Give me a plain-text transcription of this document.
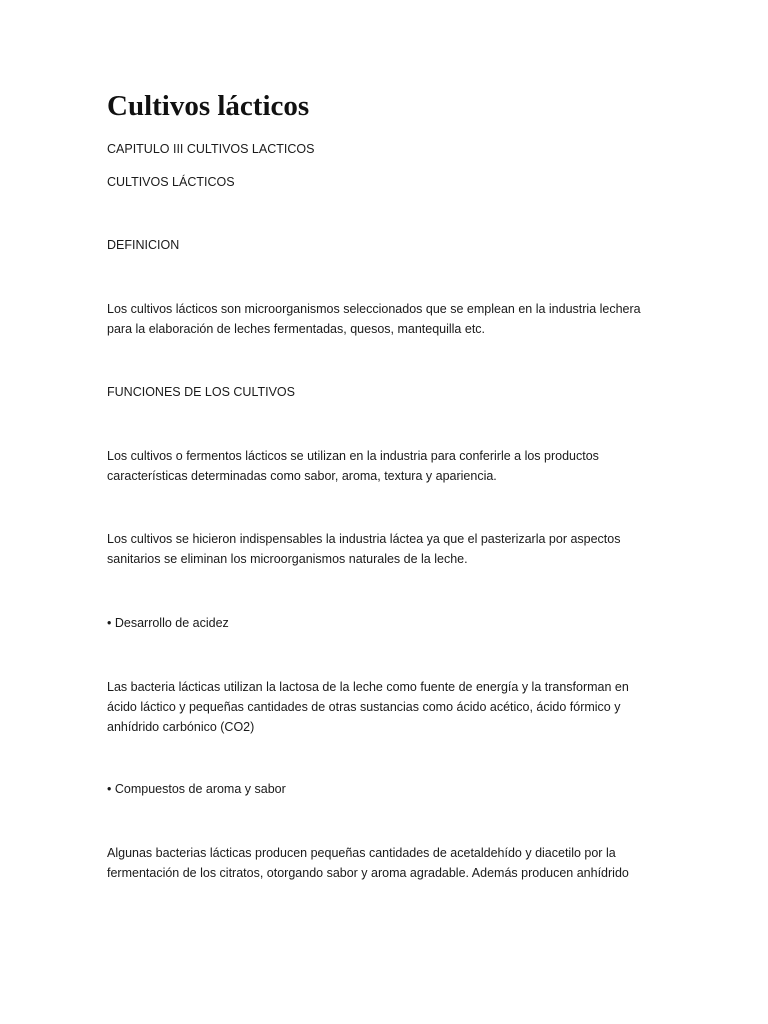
Cultivos lácticos

CAPITULO III CULTIVOS LACTICOS

CULTIVOS LÁCTICOS

DEFINICION

Los cultivos lácticos son microorganismos seleccionados que se emplean en la industria lechera
para la elaboración de leches fermentadas, quesos, mantequilla etc.

FUNCIONES DE LOS CULTIVOS

Los cultivos o fermentos lácticos se utilizan en la industria para conferirle a los productos
características determinadas como sabor, aroma, textura y apariencia.

Los cultivos se hicieron indispensables la industria láctea ya que el pasterizarla por aspectos
sanitarios se eliminan los microorganismos naturales de la leche.

• Desarrollo de acidez

Las bacteria lácticas utilizan la lactosa de la leche como fuente de energía y la transforman en
ácido láctico y pequeñas cantidades de otras sustancias como ácido acético, ácido fórmico y
anhídrido carbónico (CO2)

• Compuestos de aroma y sabor

Algunas bacterias lácticas producen pequeñas cantidades de acetaldehído y diacetilo por la
fermentación de los citratos, otorgando sabor y aroma agradable. Además producen anhídrido
